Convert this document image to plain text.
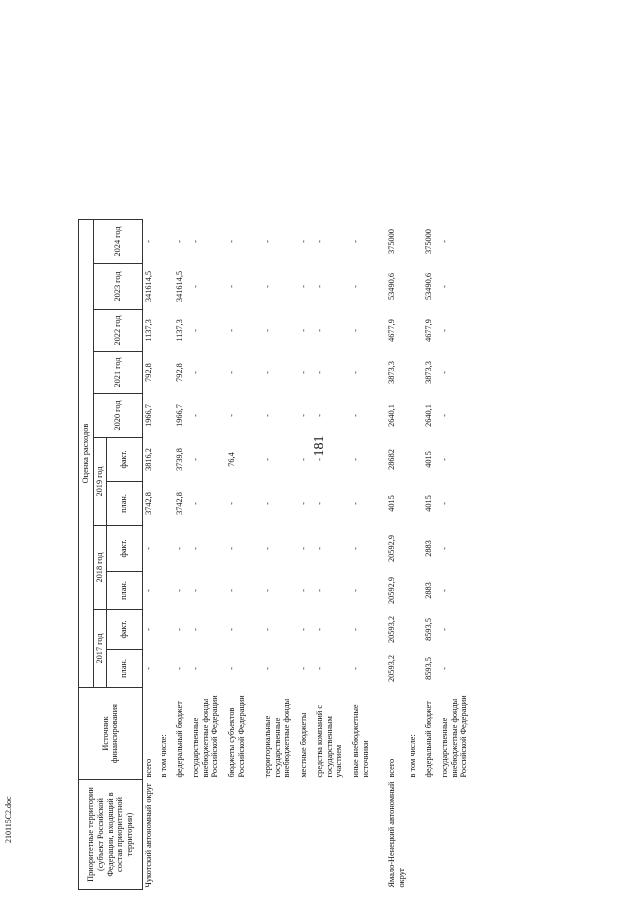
181
Приоритетные территории (субъект Российской Федерации, входящий в состав приоритетной территории)	Источник финансирования	Оценка расходов										
		2017 год		2018 год		2019 год		2020 год	2021 год	2022 год	2023 год	2024 год
		план.	факт.	план.	факт.	план.	факт.					
Чукотский автономный округ	всего	-	-	-	-	3742,8	3816,2	1966,7	792,8	1137,3	341614,5	-
	в том числе:											
	федеральный бюджет	-	-	-	-	3742,8	3739,8	1966,7	792,8	1137,3	341614,5	-
	государственные внебюджетные фонды Российской Федерации	-	-	-	-	-	-	-	-	-	-	-
	бюджеты субъектов Российской Федерации	-	-	-	-	-	76,4	-	-	-	-	-
	территориальные государственные внебюджетные фонды	-	-	-	-	-	-	-	-	-	-	-
	местные бюджеты	-	-	-	-	-	-	-	-	-	-	-
	средства компаний с государственным участием	-	-	-	-	-	-	-	-	-	-	-
	иные внебюджетные источники	-	-	-	-	-	-	-	-	-	-	-
Ямало-Ненецкий автономный округ	всего	20593,2	20593,2	20592,9	20592,9	4015	28682	2640,1	3873,3	4677,9	53490,6	375000
	в том числе:											
	федеральный бюджет	8593,5	8593,5	2883	2883	4015	4015	2640,1	3873,3	4677,9	53490,6	375000
	государственные внебюджетные фонды Российской Федерации	-	-	-	-	-	-	-	-	-	-	-
210115С2.doc
